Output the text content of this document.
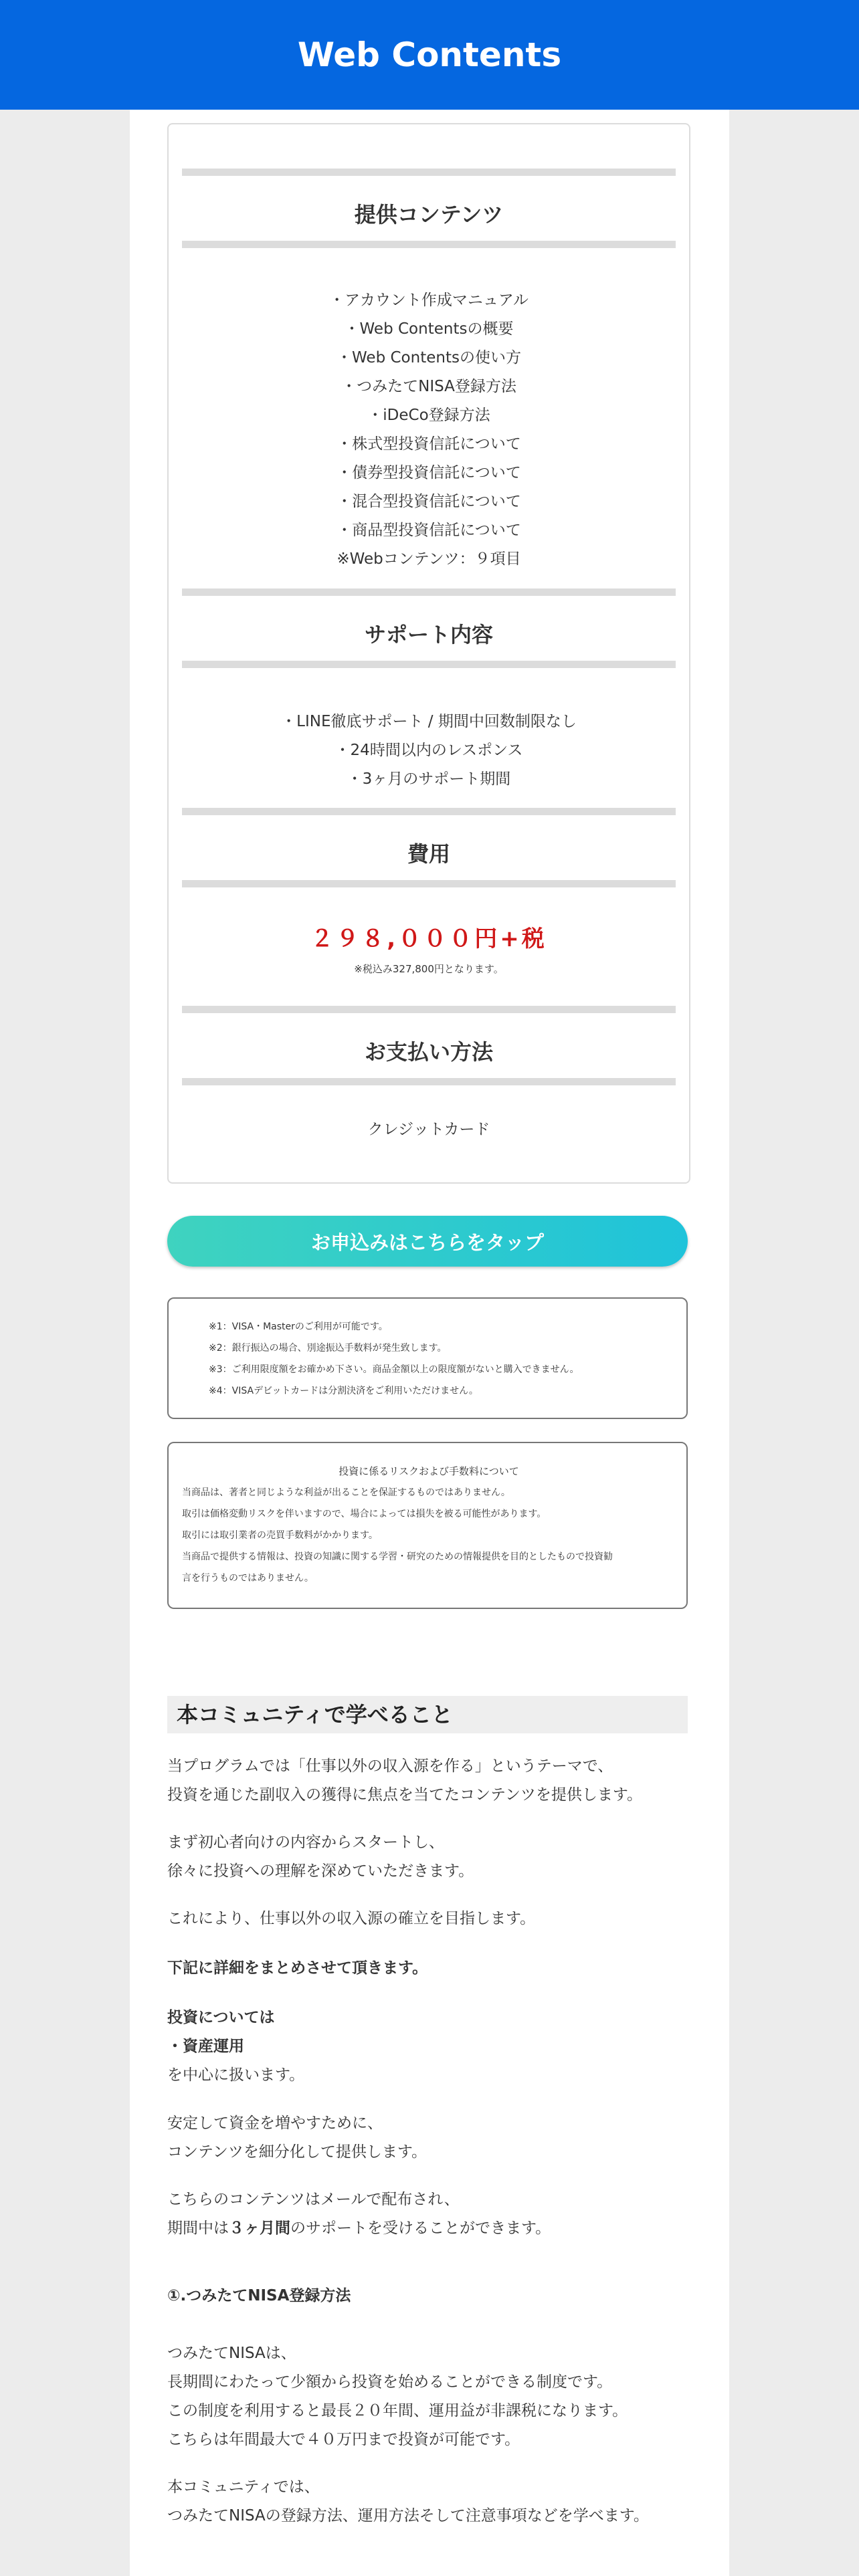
Web Contents
提供コンテンツ
・アカウント作成マニュアル
・Web Contentsの概要
・Web Contentsの使い方
・つみたてNISA登録方法
・iDeCo登録方法
・株式型投資信託について
・債券型投資信託について
・混合型投資信託について
・商品型投資信託について
※Webコンテンツ：９項目
サポート内容
・LINE徹底サポート / 期間中回数制限なし
・24時間以内のレスポンス
・3ヶ月のサポート期間
費用
２９８,０００円+税
※税込み327,800円となります。
お支払い方法
クレジットカード
お申込みはこちらをタップ
※1：VISA・Masterのご利用が可能です。
※2：銀行振込の場合、別途振込手数料が発生致します。
※3：ご利用限度額をお確かめ下さい。商品金額以上の限度額がないと購入できません。
※4：VISAデビットカードは分割決済をご利用いただけません。
投資に係るリスクおよび手数料について
当商品は、著者と同じような利益が出ることを保証するものではありません。
取引は価格変動リスクを伴いますので、場合によっては損失を被る可能性があります。
取引には取引業者の売買手数料がかかります。
当商品で提供する情報は、投資の知識に関する学習・研究のための情報提供を目的としたもので投資勧
言を行うものではありません。
本コミュニティで学べること
当プログラムでは「仕事以外の収入源を作る」というテーマで、
投資を通じた副収入の獲得に焦点を当てたコンテンツを提供します。
まず初心者向けの内容からスタートし、
徐々に投資への理解を深めていただきます。
これにより、仕事以外の収入源の確立を目指します。
下記に詳細をまとめさせて頂きます。
投資については
・資産運用
を中心に扱います。
安定して資金を増やすために、
コンテンツを細分化して提供します。
こちらのコンテンツはメールで配布され、
期間中は３ヶ月間のサポートを受けることができます。
①.つみたてNISA登録方法
つみたてNISAは、
長期間にわたって少額から投資を始めることができる制度です。
この制度を利用すると最長２０年間、運用益が非課税になります。
こちらは年間最大で４０万円まで投資が可能です。
本コミュニティでは、
つみたてNISAの登録方法、運用方法そして注意事項などを学べます。
